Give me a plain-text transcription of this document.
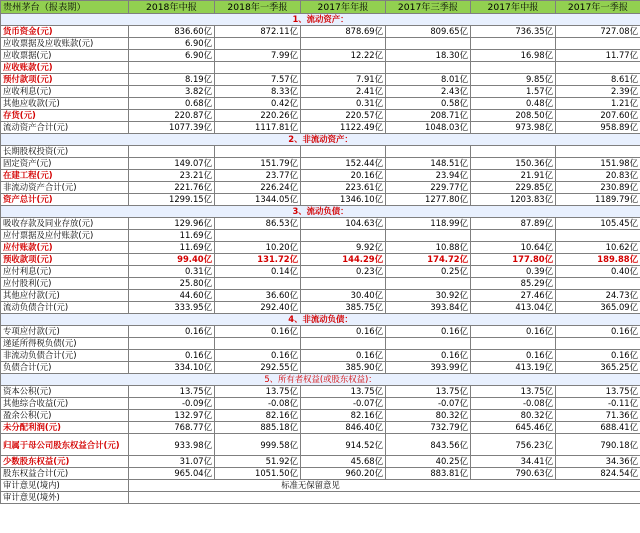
贵州茅台（报表期）	2018年中报	2018年一季报	2017年年报	2017年三季报	2017年中报	2017年一季报
1、流动资产：						
货币资金(元)	836.60亿	872.11亿	878.69亿	809.65亿	736.35亿	727.08亿
应收票据及应收账款(元)	6.90亿					
应收票据(元)	6.90亿	7.99亿	12.22亿	18.30亿	16.98亿	11.77亿
应收账款(元)						
预付款项(元)	8.19亿	7.57亿	7.91亿	8.01亿	9.85亿	8.61亿
应收利息(元)	3.82亿	8.33亿	2.41亿	2.43亿	1.57亿	2.39亿
其他应收款(元)	0.68亿	0.42亿	0.31亿	0.58亿	0.48亿	1.21亿
存货(元)	220.87亿	220.26亿	220.57亿	208.71亿	208.50亿	207.60亿
流动资产合计(元)	1077.39亿	1117.81亿	1122.49亿	1048.03亿	973.98亿	958.89亿
2、非流动资产：						
长期股权投资(元)						
固定资产(元)	149.07亿	151.79亿	152.44亿	148.51亿	150.36亿	151.98亿
在建工程(元)	23.21亿	23.77亿	20.16亿	23.94亿	21.91亿	20.83亿
非流动资产合计(元)	221.76亿	226.24亿	223.61亿	229.77亿	229.85亿	230.89亿
资产总计(元)	1299.15亿	1344.05亿	1346.10亿	1277.80亿	1203.83亿	1189.79亿
3、流动负债：						
吸收存款及同业存放(元)	129.96亿	86.53亿	104.63亿	118.99亿	87.89亿	105.45亿
应付票据及应付账款(元)	11.69亿					
应付账款(元)	11.69亿	10.20亿	9.92亿	10.88亿	10.64亿	10.62亿
预收款项(元)	99.40亿	131.72亿	144.29亿	174.72亿	177.80亿	189.88亿
应付利息(元)	0.31亿	0.14亿	0.23亿	0.25亿	0.39亿	0.40亿
应付股利(元)	25.80亿				85.29亿	
其他应付款(元)	44.60亿	36.60亿	30.40亿	30.92亿	27.46亿	24.73亿
流动负债合计(元)	333.95亿	292.40亿	385.75亿	393.84亿	413.04亿	365.09亿
4、非流动负债：						
专项应付款(元)	0.16亿	0.16亿	0.16亿	0.16亿	0.16亿	0.16亿
递延所得税负债(元)						
非流动负债合计(元)	0.16亿	0.16亿	0.16亿	0.16亿	0.16亿	0.16亿
负债合计(元)	334.10亿	292.55亿	385.90亿	393.99亿	413.19亿	365.25亿
5、所有者权益(或股东权益)：						
资本公积(元)	13.75亿	13.75亿	13.75亿	13.75亿	13.75亿	13.75亿
其他综合收益(元)	-0.09亿	-0.08亿	-0.07亿	-0.07亿	-0.08亿	-0.11亿
盈余公积(元)	132.97亿	82.16亿	82.16亿	80.32亿	80.32亿	71.36亿
未分配利润(元)	768.77亿	885.18亿	846.40亿	732.79亿	645.46亿	688.41亿
归属于母公司股东权益合计(元)	933.98亿	999.58亿	914.52亿	843.56亿	756.23亿	790.18亿
少数股东权益(元)	31.07亿	51.92亿	45.68亿	40.25亿	34.41亿	34.36亿
股东权益合计(元)	965.04亿	1051.50亿	960.20亿	883.81亿	790.63亿	824.54亿
审计意见(境内)	标准无保留意见					
审计意见(境外)						
